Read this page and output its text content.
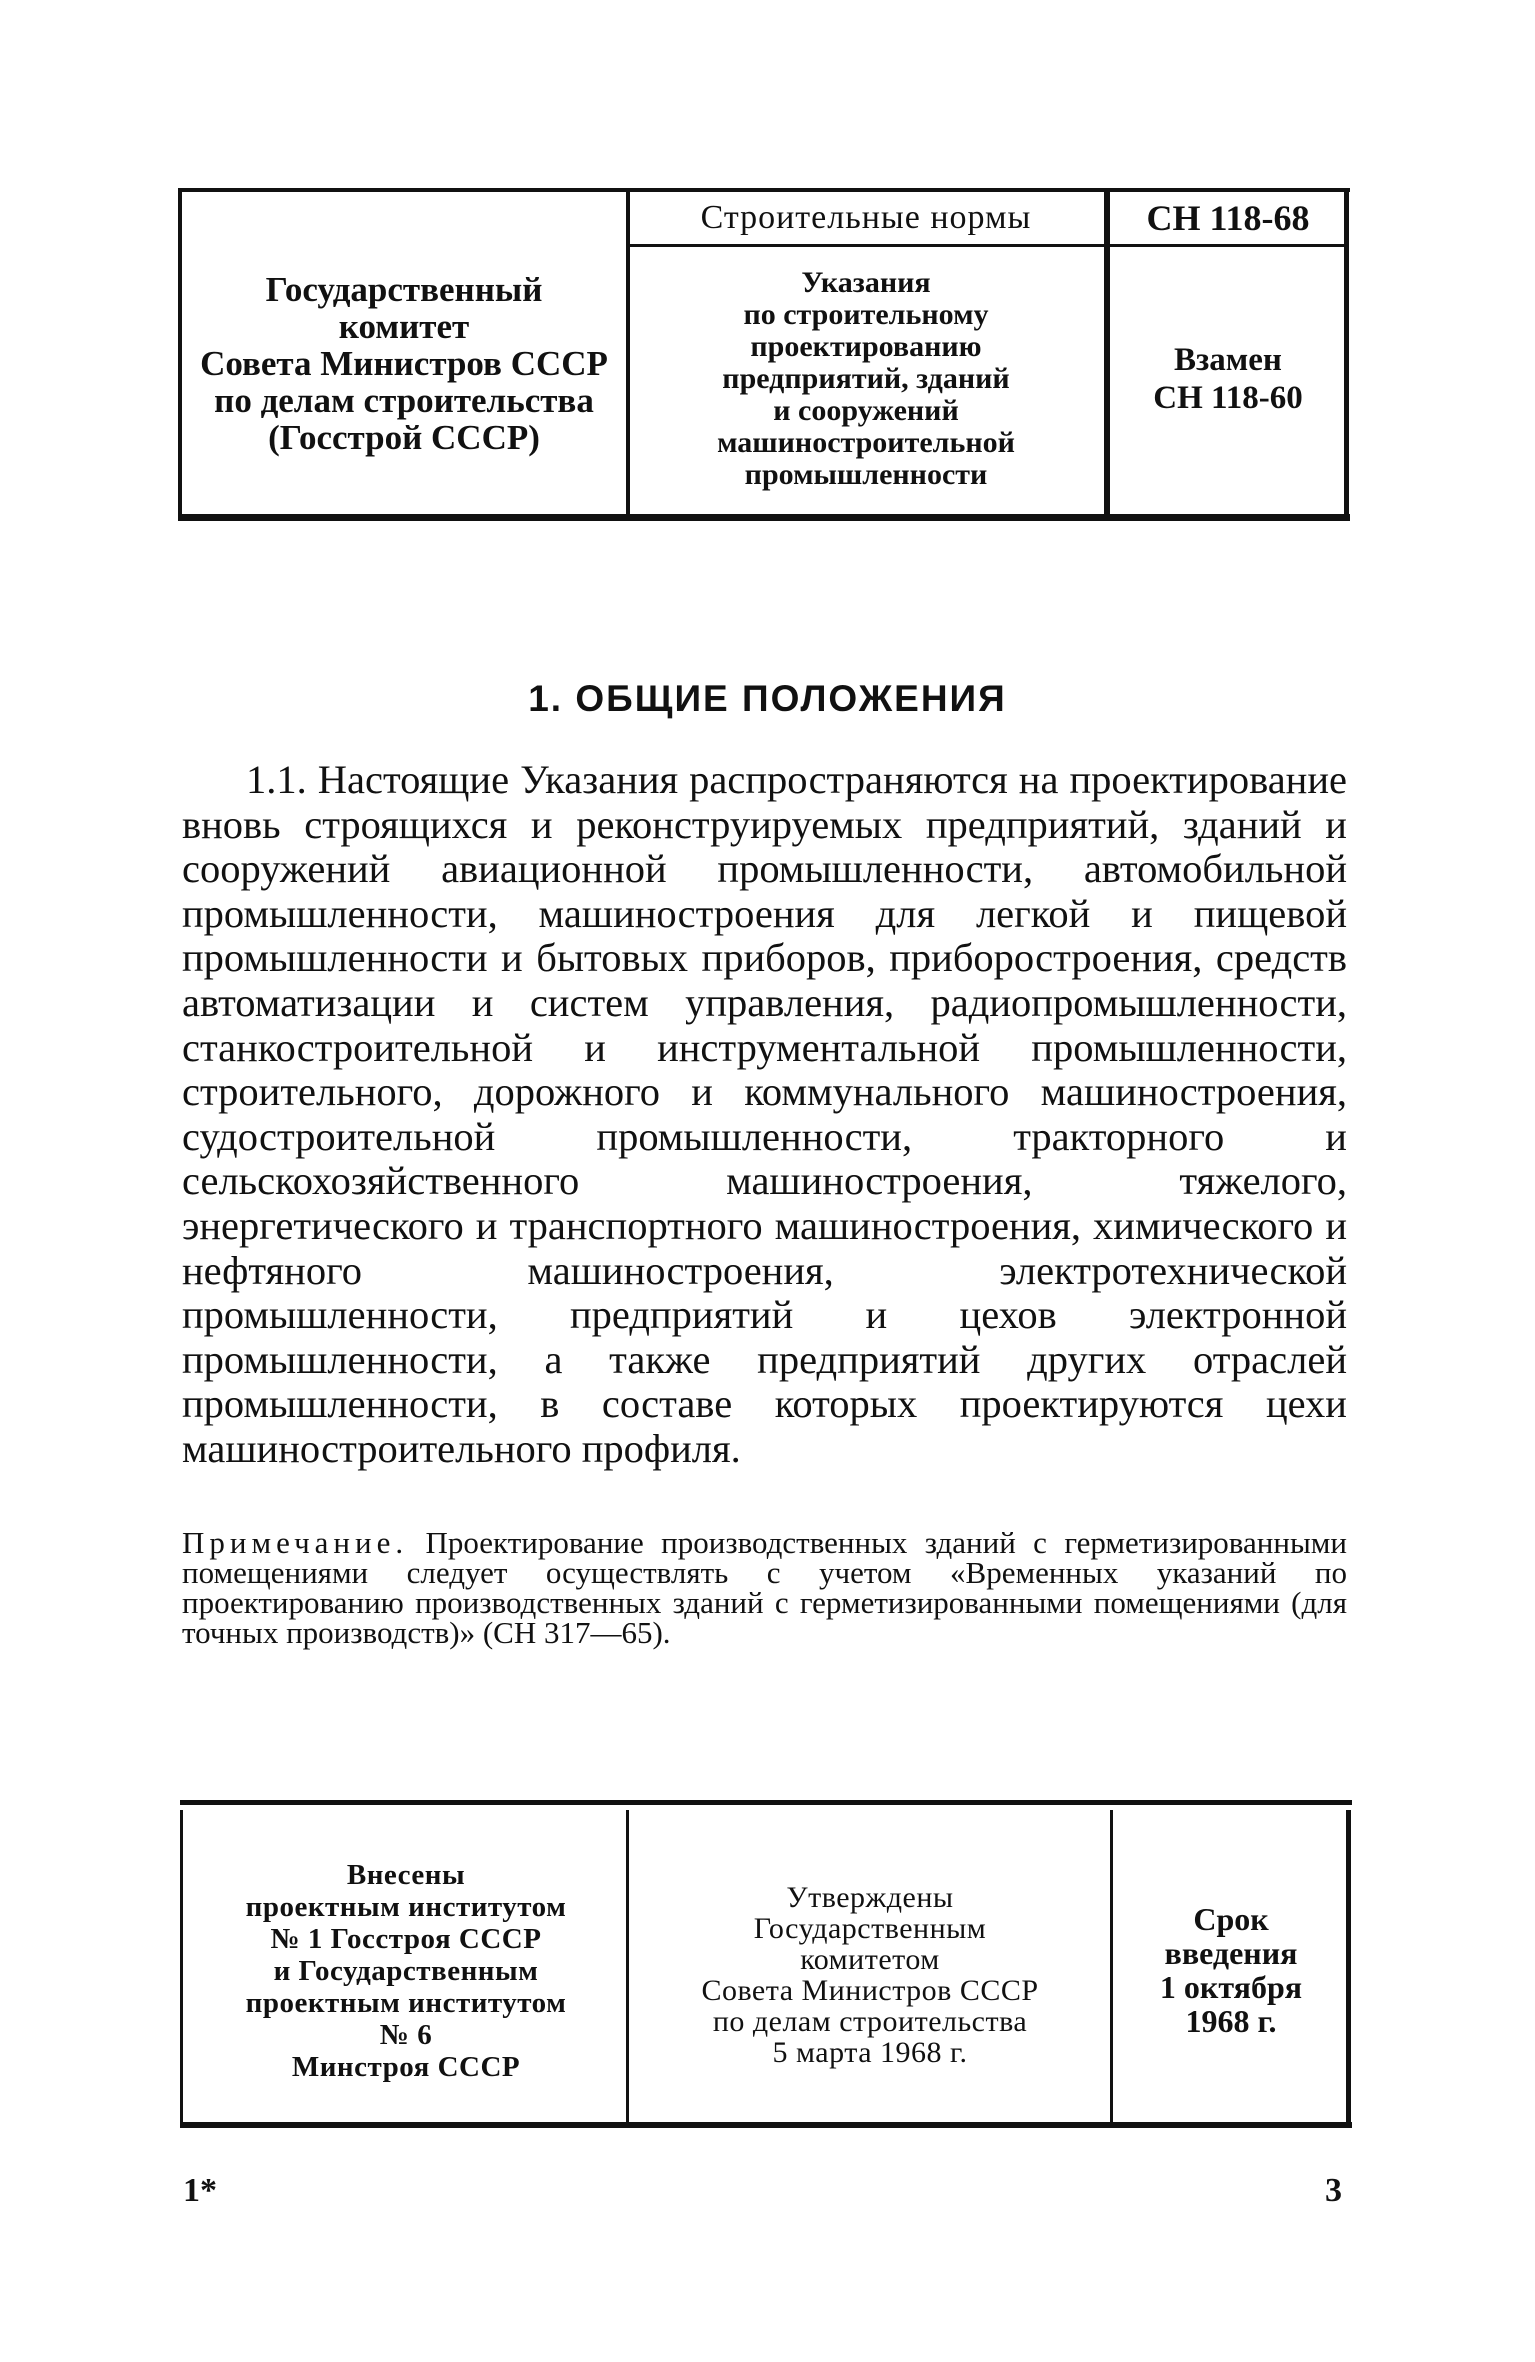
Государственный
комитет
Совета Министров СССР
по делам строительства
(Госстрой СССР)
Строительные нормы
Указания
по строительному
проектированию
предприятий, зданий
и сооружений
машиностроительной
промышленности
СН 118-68
Взамен
СН 118-60
1. ОБЩИЕ ПОЛОЖЕНИЯ
1.1. Настоящие Указания распространяются на проектирование вновь строящихся и реконструируемых предприятий, зданий и сооружений авиационной промышленности, автомобильной промышленности, машиностроения для легкой и пищевой промышленности и бытовых приборов, приборостроения, средств автоматизации и систем управления, радиопромышленности, станкостроительной и инструментальной промышленности, строительного, дорожного и коммунального машиностроения, судостроительной промышленности, тракторного и сельскохозяйственного машиностроения, тяжелого, энергетического и транспортного машиностроения, химического и нефтяного машиностроения, электротехнической промышленности, предприятий и цехов электронной промышленности, а также предприятий других отраслей промышленности, в составе которых проектируются цехи машиностроительного профиля.
Примечание. Проектирование производственных зданий с герметизированными помещениями следует осуществлять с учетом «Временных указаний по проектированию производственных зданий с герметизированными помещениями (для точных производств)» (СН 317—65).
Внесены
проектным институтом
№ 1 Госстроя СССР
и Государственным
проектным институтом
№ 6
Минстроя СССР
Утверждены
Государственным
комитетом
Совета Министров СССР
по делам строительства
5 марта 1968 г.
Срок
введения
1 октября
1968 г.
1*	3
